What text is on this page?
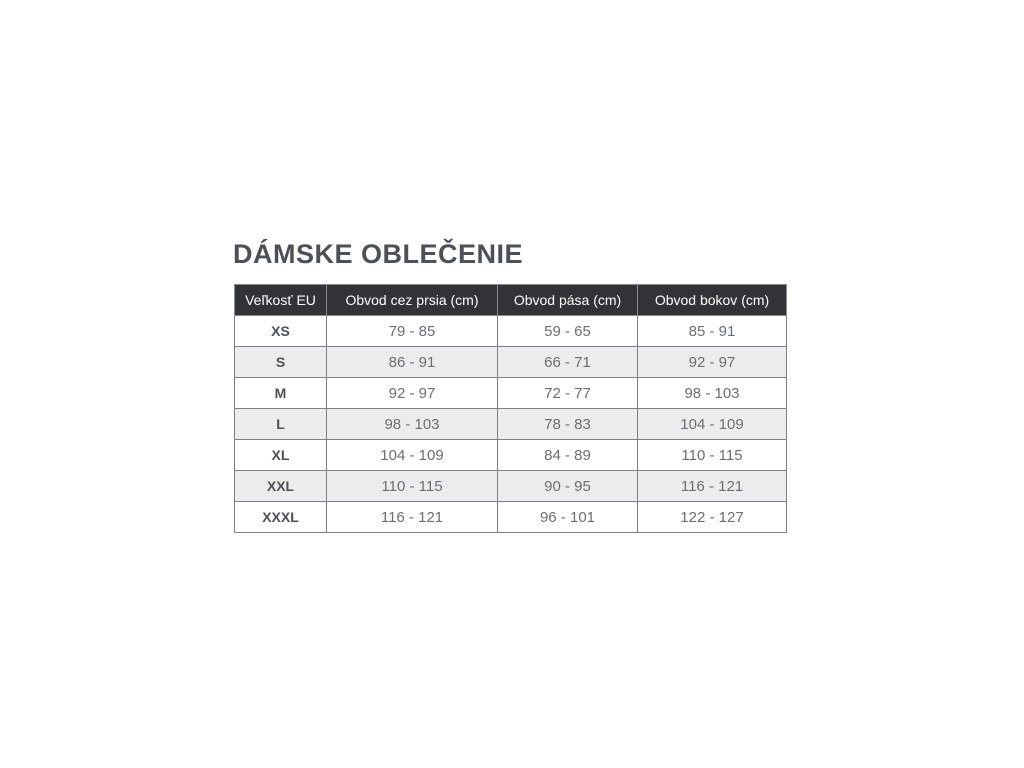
DÁMSKE OBLEČENIE
Veľkosť EU	Obvod cez prsia (cm)	Obvod pása (cm)	Obvod bokov (cm)
XS	79 - 85	59 - 65	85 - 91
S	86 - 91	66 - 71	92 - 97
M	92 - 97	72 - 77	98 - 103
L	98 - 103	78 - 83	104 - 109
XL	104 - 109	84 - 89	110 - 115
XXL	110 - 115	90 - 95	116 - 121
XXXL	116 - 121	96 - 101	122 - 127
